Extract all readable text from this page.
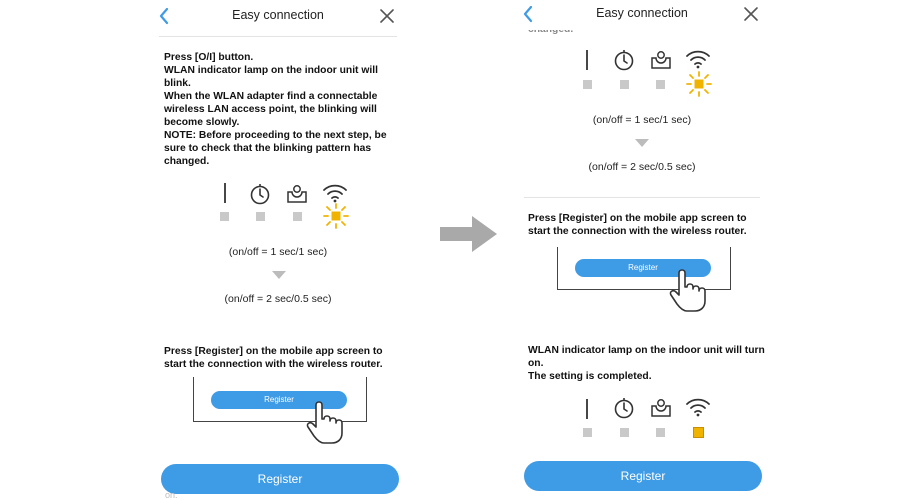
Easy connection
Press [O/I] button.
WLAN indicator lamp on the indoor unit will
blink.
When the WLAN adapter find a connectable
wireless LAN access point, the blinking will
become slowly.
NOTE: Before proceeding to the next step, be
sure to check that the blinking pattern has
changed.
(on/off = 1 sec/1 sec)
(on/off = 2 sec/0.5 sec)
Press [Register] on the mobile app screen to
start the connection with the wireless router.
Register
Register
on.
Easy connection
(on/off = 1 sec/1 sec)
(on/off = 2 sec/0.5 sec)
Press [Register] on the mobile app screen to
start the connection with the wireless router.
Register
WLAN indicator lamp on the indoor unit will turn
on.
The setting is completed.
Register
